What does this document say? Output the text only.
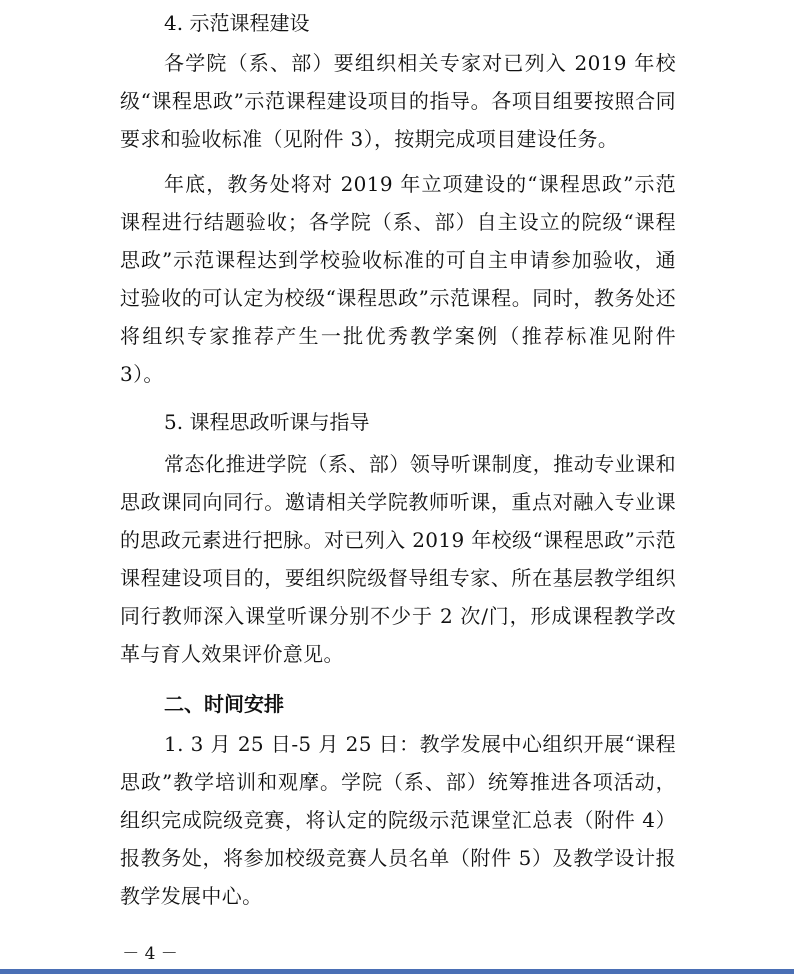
4. 示范课程建设

各学院（系、部）要组织相关专家对已列入 2019 年校级“课程思政”示范课程建设项目的指导。各项目组要按照合同要求和验收标准（见附件 3），按期完成项目建设任务。

年底，教务处将对 2019 年立项建设的“课程思政”示范课程进行结题验收；各学院（系、部）自主设立的院级“课程思政”示范课程达到学校验收标准的可自主申请参加验收，通过验收的可认定为校级“课程思政”示范课程。同时，教务处还将组织专家推荐产生一批优秀教学案例（推荐标准见附件 3）。

5. 课程思政听课与指导

常态化推进学院（系、部）领导听课制度，推动专业课和思政课同向同行。邀请相关学院教师听课，重点对融入专业课的思政元素进行把脉。对已列入 2019 年校级“课程思政”示范课程建设项目的，要组织院级督导组专家、所在基层教学组织同行教师深入课堂听课分别不少于 2 次/门，形成课程教学改革与育人效果评价意见。

二、时间安排

1. 3 月 25 日-5 月 25 日：教学发展中心组织开展“课程思政”教学培训和观摩。学院（系、部）统筹推进各项活动，组织完成院级竞赛，将认定的院级示范课堂汇总表（附件 4）报教务处，将参加校级竞赛人员名单（附件 5）及教学设计报教学发展中心。

－ 4 －
